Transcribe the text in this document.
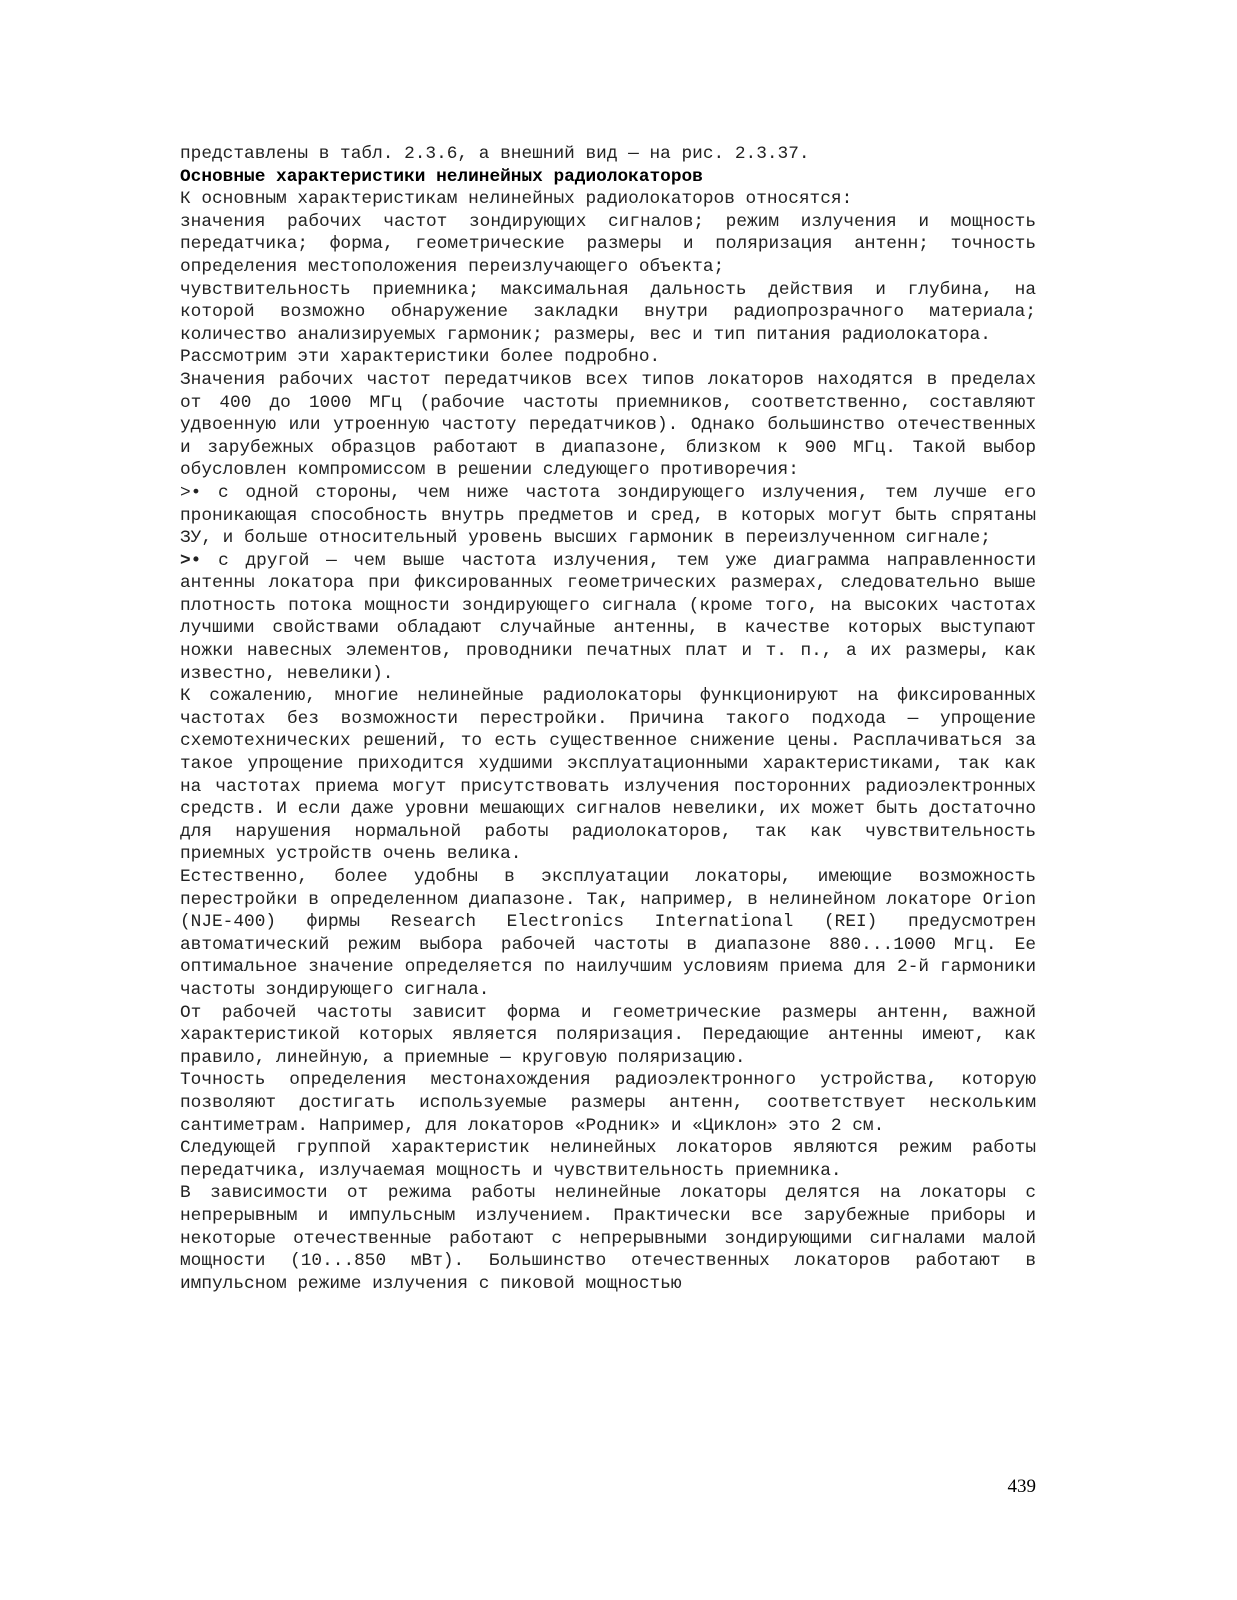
представлены в табл. 2.3.6, а внешний вид — на рис. 2.3.37.

Основные характеристики нелинейных радиолокаторов

К основным характеристикам нелинейных радиолокаторов относятся:

значения рабочих частот зондирующих сигналов; режим излучения и мощность передатчика; форма, геометрические размеры и поляризация антенн; точность определения местоположения переизлучающего объекта;

чувствительность приемника; максимальная дальность действия и глубина, на которой возможно обнаружение закладки внутри радиопрозрачного материала; количество анализируемых гармоник; размеры, вес и тип питания радиолокатора.

Рассмотрим эти характеристики более подробно.

Значения рабочих частот передатчиков всех типов локаторов находятся в пределах от 400 до 1000 МГц (рабочие частоты приемников, соответственно, составляют удвоенную или утроенную частоту передатчиков). Однако большинство отечественных и зарубежных образцов работают в диапазоне, близком к 900 МГц. Такой выбор обусловлен компромиссом в решении следующего противоречия:

>• с одной стороны, чем ниже частота зондирующего излучения, тем лучше его проникающая способность внутрь предметов и сред, в которых могут быть спрятаны ЗУ, и больше относительный уровень высших гармоник в переизлученном сигнале;

>• с другой — чем выше частота излучения, тем уже диаграмма направленности антенны локатора при фиксированных геометрических размерах, следовательно выше плотность потока мощности зондирующего сигнала (кроме того, на высоких частотах лучшими свойствами обладают случайные антенны, в качестве которых выступают ножки навесных элементов, проводники печатных плат и т. п., а их размеры, как известно, невелики).

К сожалению, многие нелинейные радиолокаторы функционируют на фиксированных частотах без возможности перестройки. Причина такого подхода — упрощение схемотехнических решений, то есть существенное снижение цены. Расплачиваться за такое упрощение приходится худшими эксплуатационными характеристиками, так как на частотах приема могут присутствовать излучения посторонних радиоэлектронных средств. И если даже уровни мешающих сигналов невелики, их может быть достаточно для нарушения нормальной работы радиолокаторов, так как чувствительность приемных устройств очень велика.

Естественно, более удобны в эксплуатации локаторы, имеющие возможность перестройки в определенном диапазоне. Так, например, в нелинейном локаторе Orion (NJE-400) фирмы Research Electronics International (REI) предусмотрен автоматический режим выбора рабочей частоты в диапазоне 880...1000 Мгц. Ее оптимальное значение определяется по наилучшим условиям приема для 2-й гармоники частоты зондирующего сигнала.

От рабочей частоты зависит форма и геометрические размеры антенн, важной характеристикой которых является поляризация. Передающие антенны имеют, как правило, линейную, а приемные — круговую поляризацию.

Точность определения местонахождения радиоэлектронного устройства, которую позволяют достигать используемые размеры антенн, соответствует нескольким сантиметрам. Например, для локаторов «Родник» и «Циклон» это 2 см.

Следующей группой характеристик нелинейных локаторов являются режим работы передатчика, излучаемая мощность и чувствительность приемника.

В зависимости от режима работы нелинейные локаторы делятся на локаторы с непрерывным и импульсным излучением. Практически все зарубежные приборы и некоторые отечественные работают с непрерывными зондирующими сигналами малой мощности (10...850 мВт). Большинство отечественных локаторов работают в импульсном режиме излучения с пиковой мощностью

439
